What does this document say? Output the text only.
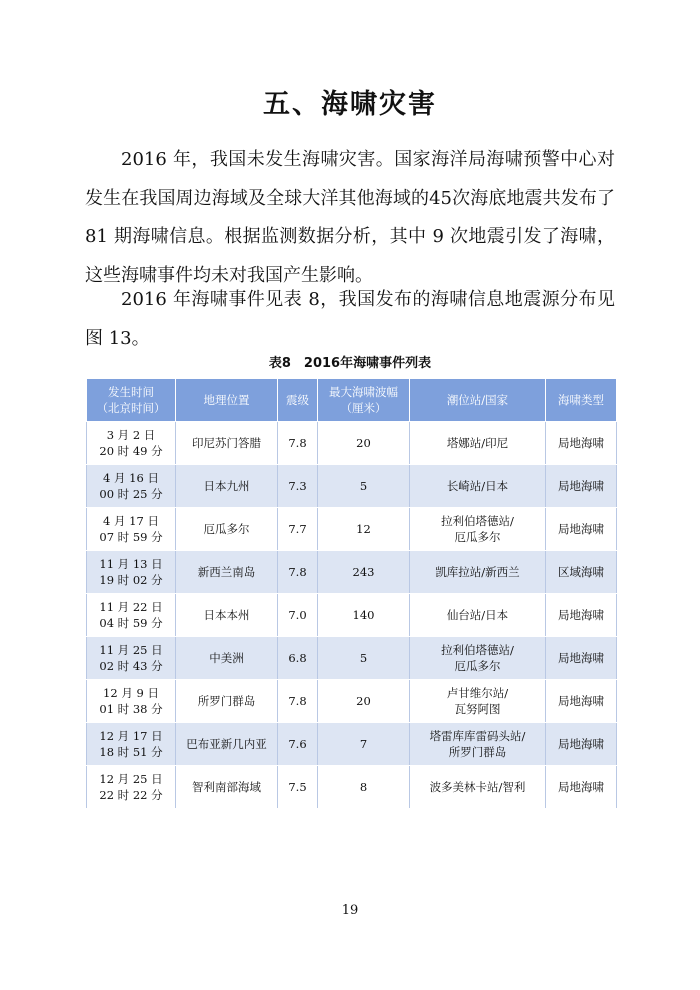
五、海啸灾害

2016 年，我国未发生海啸灾害。国家海洋局海啸预警中心对发生在我国周边海域及全球大洋其他海域的45次海底地震共发布了 81 期海啸信息。根据监测数据分析，其中 9 次地震引发了海啸，这些海啸事件均未对我国产生影响。

2016 年海啸事件见表 8，我国发布的海啸信息地震源分布见图 13。

表8　2016年海啸事件列表
发生时间
（北京时间）	地理位置	震级	最大海啸波幅
（厘米）	潮位站/国家	海啸类型
3 月 2 日
20 时 49 分	印尼苏门答腊	7.8	20	塔娜站/印尼	局地海啸
4 月 16 日
00 时 25 分	日本九州	7.3	5	长崎站/日本	局地海啸
4 月 17 日
07 时 59 分	厄瓜多尔	7.7	12	拉利伯塔德站/
厄瓜多尔	局地海啸
11 月 13 日
19 时 02 分	新西兰南岛	7.8	243	凯库拉站/新西兰	区域海啸
11 月 22 日
04 时 59 分	日本本州	7.0	140	仙台站/日本	局地海啸
11 月 25 日
02 时 43 分	中美洲	6.8	5	拉利伯塔德站/
厄瓜多尔	局地海啸
12 月 9 日
01 时 38 分	所罗门群岛	7.8	20	卢甘维尔站/
瓦努阿图	局地海啸
12 月 17 日
18 时 51 分	巴布亚新几内亚	7.6	7	塔雷库库雷码头站/
所罗门群岛	局地海啸
12 月 25 日
22 时 22 分	智利南部海域	7.5	8	波多美林卡站/智利	局地海啸
19
